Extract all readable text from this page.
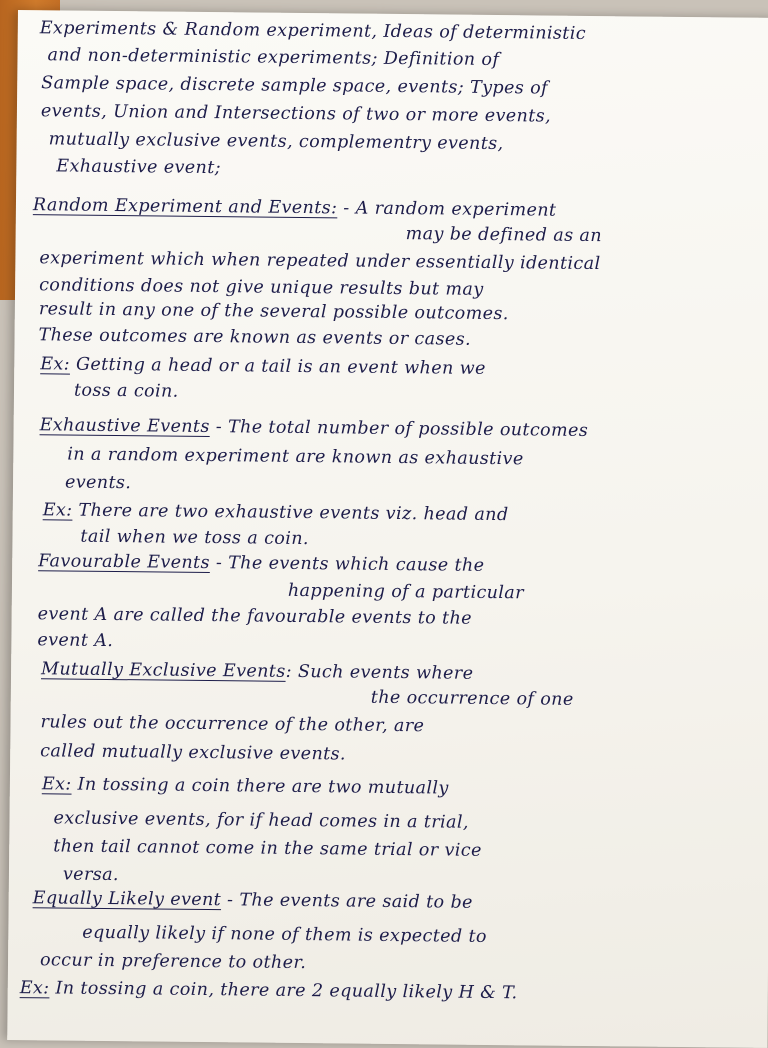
Experiments & Random experiment, Ideas of deterministic
and non-deterministic experiments; Definition of
Sample space, discrete sample space, events; Types of
events, Union and Intersections of two or more events,
mutually exclusive events, complementry events,
Exhaustive event;
Random Experiment and Events: - A random experiment
may be defined as an
experiment which when repeated under essentially identical
conditions does not give unique results but may
result in any one of the several possible outcomes.
These outcomes are known as events or cases.
Ex: Getting a head or a tail is an event when we
toss a coin.
Exhaustive Events - The total number of possible outcomes
in a random experiment are known as exhaustive
events.
Ex: There are two exhaustive events viz. head and
tail when we toss a coin.
Favourable Events - The events which cause the
happening of a particular
event A are called the favourable events to the
event A.
Mutually Exclusive Events: Such events where
the occurrence of one
rules out the occurrence of the other, are
called mutually exclusive events.
Ex: In tossing a coin there are two mutually
exclusive events, for if head comes in a trial,
then tail cannot come in the same trial or vice
versa.
Equally Likely event - The events are said to be
equally likely if none of them is expected to
occur in preference to other.
Ex: In tossing a coin, there are 2 equally likely H & T.
